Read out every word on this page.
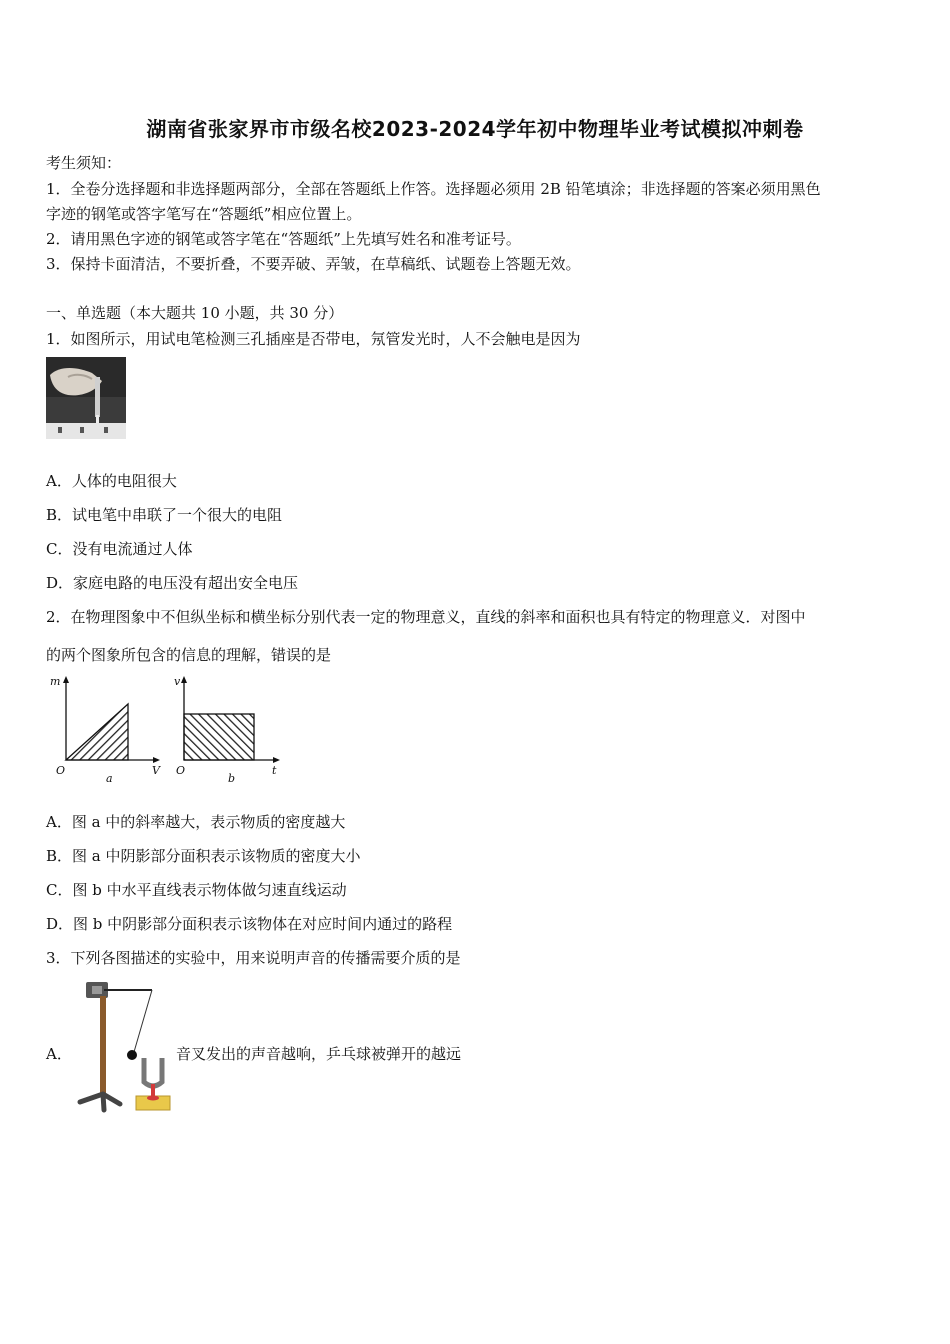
湖南省张家界市市级名校2023-2024学年初中物理毕业考试模拟冲刺卷
考生须知：
1．全卷分选择题和非选择题两部分，全部在答题纸上作答。选择题必须用 2B 铅笔填涂；非选择题的答案必须用黑色
字迹的钢笔或答字笔写在“答题纸”相应位置上。
2．请用黑色字迹的钢笔或答字笔在“答题纸”上先填写姓名和准考证号。
3．保持卡面清洁，不要折叠，不要弄破、弄皱，在草稿纸、试题卷上答题无效。
一、单选题（本大题共 10 小题，共 30 分）
1．如图所示，用试电笔检测三孔插座是否带电，氖管发光时，人不会触电是因为
A．人体的电阻很大
B．试电笔中串联了一个很大的电阻
C．没有电流通过人体
D．家庭电路的电压没有超出安全电压
2．在物理图象中不但纵坐标和横坐标分别代表一定的物理意义，直线的斜率和面积也具有特定的物理意义．对图中
的两个图象所包含的信息的理解，错误的是
m
O	V
a
v
O	t
b
A．图 a 中的斜率越大，表示物质的密度越大
B．图 a 中阴影部分面积表示该物质的密度大小
C．图 b 中水平直线表示物体做匀速直线运动
D．图 b 中阴影部分面积表示该物体在对应时间内通过的路程
3．下列各图描述的实验中，用来说明声音的传播需要介质的是
A．	音叉发出的声音越响，乒乓球被弹开的越远
